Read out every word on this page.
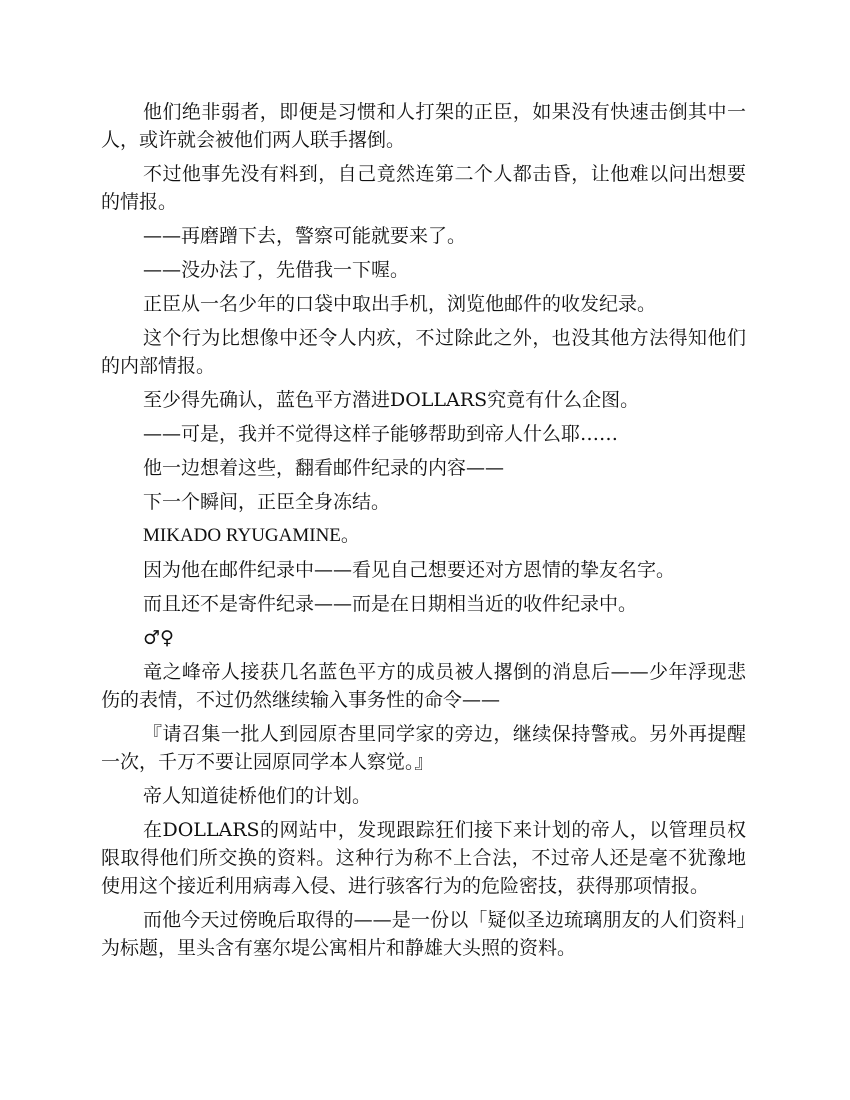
他们绝非弱者，即便是习惯和人打架的正臣，如果没有快速击倒其中一人，或许就会被他们两人联手撂倒。

不过他事先没有料到，自己竟然连第二个人都击昏，让他难以问出想要的情报。

——再磨蹭下去，警察可能就要来了。

——没办法了，先借我一下喔。

正臣从一名少年的口袋中取出手机，浏览他邮件的收发纪录。

这个行为比想像中还令人内疚，不过除此之外，也没其他方法得知他们的内部情报。

至少得先确认，蓝色平方潜进DOLLARS究竟有什么企图。

——可是，我并不觉得这样子能够帮助到帝人什么耶……

他一边想着这些，翻看邮件纪录的内容——

下一个瞬间，正臣全身冻结。

MIKADO RYUGAMINE。

因为他在邮件纪录中——看见自己想要还对方恩情的挚友名字。

而且还不是寄件纪录——而是在日期相当近的收件纪录中。

♂♀

竜之峰帝人接获几名蓝色平方的成员被人撂倒的消息后——少年浮现悲伤的表情，不过仍然继续输入事务性的命令——

『请召集一批人到园原杏里同学家的旁边，继续保持警戒。另外再提醒一次，千万不要让园原同学本人察觉。』

帝人知道徒桥他们的计划。

在DOLLARS的网站中，发现跟踪狂们接下来计划的帝人，以管理员权限取得他们所交换的资料。这种行为称不上合法，不过帝人还是毫不犹豫地使用这个接近利用病毒入侵、进行骇客行为的危险密技，获得那项情报。

而他今天过傍晚后取得的——是一份以「疑似圣边琉璃朋友的人们资料」为标题，里头含有塞尔堤公寓相片和静雄大头照的资料。
